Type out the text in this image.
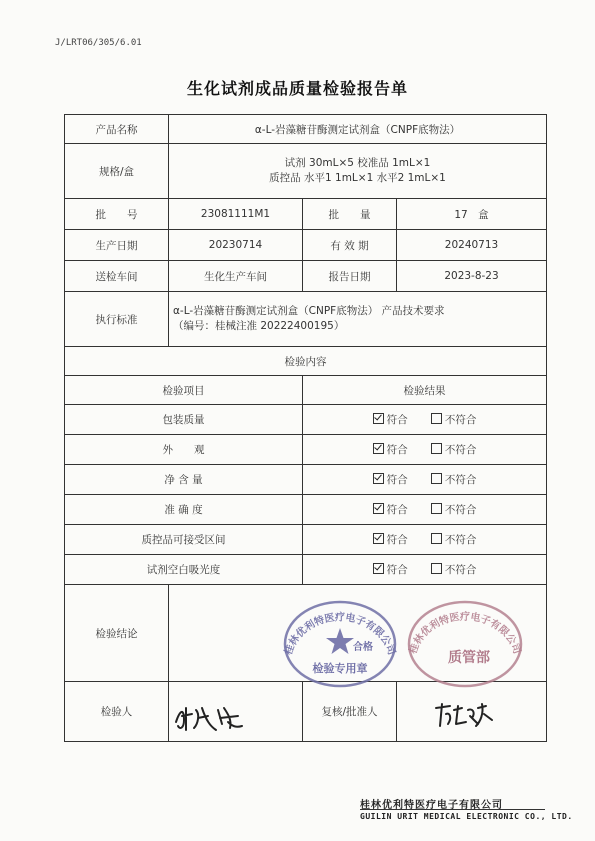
J/LRT06/305/6.01
生化试剂成品质量检验报告单
产品名称	α-L-岩藻糖苷酶测定试剂盒（CNPF底物法）		
规格/盒	试剂 30mL×5 校准品 1mL×1
质控品 水平1 1mL×1 水平2 1mL×1		

批　　号	23081111M1	批　　量	17　盒
生产日期	20230714	有 效 期	20240713
送检车间	生化生产车间	报告日期	2023-8-23
执行标准	α-L-岩藻糖苷酶测定试剂盒（CNPF底物法） 产品技术要求
（编号：桂械注准 20222400195）		

检验内容			
检验项目		检验结果	
包装质量		符合 不符合	
外　　观		符合 不符合	
净 含 量		符合 不符合	
准 确 度		符合 不符合	
质控品可接受区间		符合 不符合	
试剂空白吸光度		符合 不符合	
检验结论			
检验人		复核/批准人	
桂林优利特医疗电子有限公司
合格
检验专用章
桂林优利特医疗电子有限公司
质管部
桂林优利特医疗电子有限公司
GUILIN URIT MEDICAL ELECTRONIC CO., LTD.
